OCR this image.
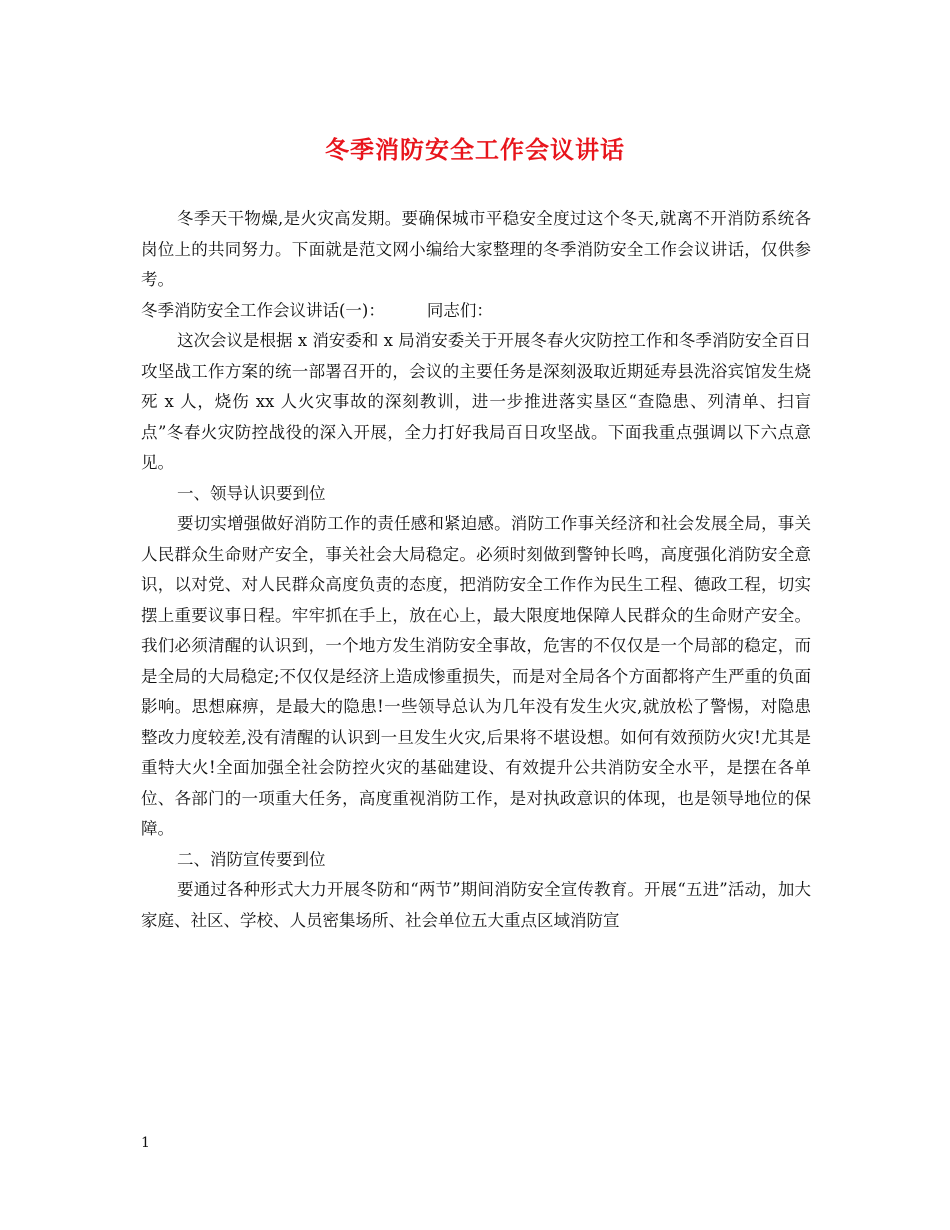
冬季消防安全工作会议讲话

冬季天干物燥,是火灾高发期。要确保城市平稳安全度过这个冬天,就离不开消防系统各岗位上的共同努力。下面就是范文网小编给大家整理的冬季消防安全工作会议讲话，仅供参考。

冬季消防安全工作会议讲话(一)：	同志们：

这次会议是根据 x 消安委和 x 局消安委关于开展冬春火灾防控工作和冬季消防安全百日攻坚战工作方案的统一部署召开的，会议的主要任务是深刻汲取近期延寿县洗浴宾馆发生烧死 x 人，烧伤 xx 人火灾事故的深刻教训，进一步推进落实垦区“查隐患、列清单、扫盲点”冬春火灾防控战役的深入开展，全力打好我局百日攻坚战。下面我重点强调以下六点意见。

一、领导认识要到位

要切实增强做好消防工作的责任感和紧迫感。消防工作事关经济和社会发展全局，事关人民群众生命财产安全，事关社会大局稳定。必须时刻做到警钟长鸣，高度强化消防安全意识，以对党、对人民群众高度负责的态度，把消防安全工作作为民生工程、德政工程，切实摆上重要议事日程。牢牢抓在手上，放在心上，最大限度地保障人民群众的生命财产安全。我们必须清醒的认识到，一个地方发生消防安全事故，危害的不仅仅是一个局部的稳定，而是全局的大局稳定;不仅仅是经济上造成惨重损失，而是对全局各个方面都将产生严重的负面影响。思想麻痹，是最大的隐患!一些领导总认为几年没有发生火灾,就放松了警惕，对隐患整改力度较差,没有清醒的认识到一旦发生火灾,后果将不堪设想。如何有效预防火灾!尤其是重特大火!全面加强全社会防控火灾的基础建设、有效提升公共消防安全水平，是摆在各单位、各部门的一项重大任务，高度重视消防工作，是对执政意识的体现，也是领导地位的保障。

二、消防宣传要到位

要通过各种形式大力开展冬防和“两节”期间消防安全宣传教育。开展“五进”活动，加大家庭、社区、学校、人员密集场所、社会单位五大重点区域消防宣

1
